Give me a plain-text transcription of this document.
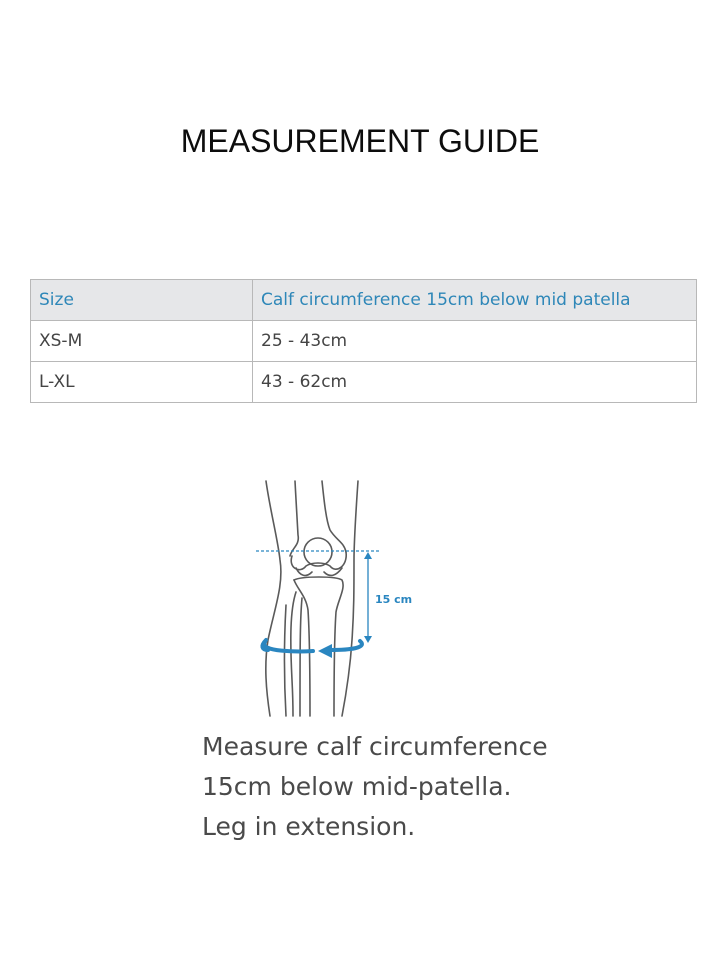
MEASUREMENT GUIDE
Size	Calf circumference 15cm below mid patella
XS-M	25 - 43cm
L-XL	43 - 62cm
15 cm
Measure calf circumference
15cm below mid-patella.
Leg in extension.
